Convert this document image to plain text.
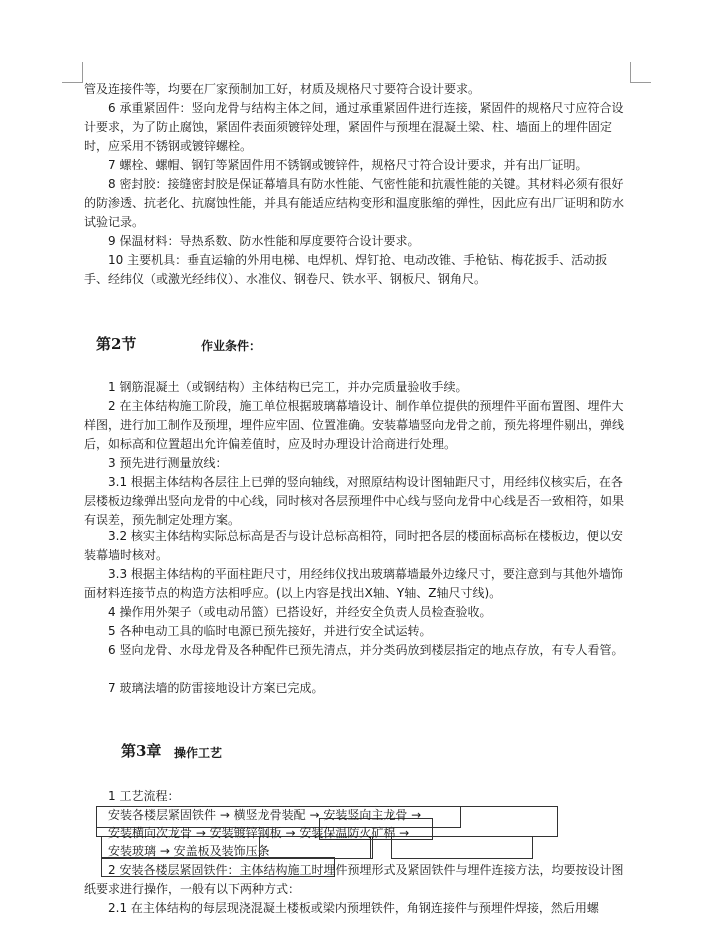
管及连接件等，均要在厂家预制加工好，材质及规格尺寸要符合设计要求。

6 承重紧固件：竖向龙骨与结构主体之间，通过承重紧固件进行连接，紧固件的规格尺寸应符合设计要求，为了防止腐蚀，紧固件表面须镀锌处理，紧固件与预埋在混凝土梁、柱、墙面上的埋件固定时，应采用不锈钢或镀锌螺栓。

7 螺栓、螺帽、钢钉等紧固件用不锈钢或镀锌件，规格尺寸符合设计要求，并有出厂证明。

8 密封胶：接缝密封胶是保证幕墙具有防水性能、气密性能和抗震性能的关键。其材料必须有很好的防渗透、抗老化、抗腐蚀性能，并具有能适应结构变形和温度胀缩的弹性，因此应有出厂证明和防水试验记录。

9 保温材料：导热系数、防水性能和厚度要符合设计要求。

10 主要机具：垂直运输的外用电梯、电焊机、焊钉抢、电动改锥、手枪钻、梅花扳手、活动扳手、经纬仪（或激光经纬仪）、水准仪、钢卷尺、铁水平、钢板尺、钢角尺。

第2节	作业条件：

1 钢筋混凝土（或钢结构）主体结构已完工，并办完质量验收手续。

2 在主体结构施工阶段，施工单位根据玻璃幕墙设计、制作单位提供的预埋件平面布置图、埋件大样图，进行加工制作及预埋，埋件应牢固、位置准确。安装幕墙竖向龙骨之前，预先将埋件剔出，弹线后，如标高和位置超出允许偏差值时，应及时办理设计洽商进行处理。

3 预先进行测量放线：

3.1 根据主体结构各层往上已弹的竖向轴线，对照原结构设计图轴距尺寸，用经纬仪核实后，在各层楼板边缘弹出竖向龙骨的中心线，同时核对各层预埋件中心线与竖向龙骨中心线是否一致相符，如果有误差，预先制定处理方案。

3.2 核实主体结构实际总标高是否与设计总标高相符，同时把各层的楼面标高标在楼板边，便以安装幕墙时核对。

3.3 根据主体结构的平面柱距尺寸，用经纬仪找出玻璃幕墙最外边缘尺寸，要注意到与其他外墙饰面材料连接节点的构造方法相呼应。(以上内容是找出X轴、Y轴、Z轴尺寸线)。

4 操作用外架子（或电动吊篮）已搭设好，并经安全负责人员检查验收。

5 各种电动工具的临时电源已预先接好，并进行安全试运转。

6 竖向龙骨、水母龙骨及各种配件已预先清点，并分类码放到楼层指定的地点存放，有专人看管。

7 玻璃法墙的防雷接地设计方案已完成。

第3章 操作工艺

1 工艺流程：

安装各楼层紧固铁件 → 横竖龙骨装配 → 安装竖向主龙骨 →
安装横向次龙骨 → 安装镀锌钢板 → 安装保温防火矿棉 →
安装玻璃 → 安盖板及装饰压条

2 安装各楼层紧固铁件：主体结构施工时埋件预埋形式及紧固铁件与埋件连接方法，均要按设计图纸要求进行操作，一般有以下两种方式：

2.1 在主体结构的每层现浇混凝土楼板或梁内预埋铁件，角钢连接件与预埋件焊接，然后用螺
